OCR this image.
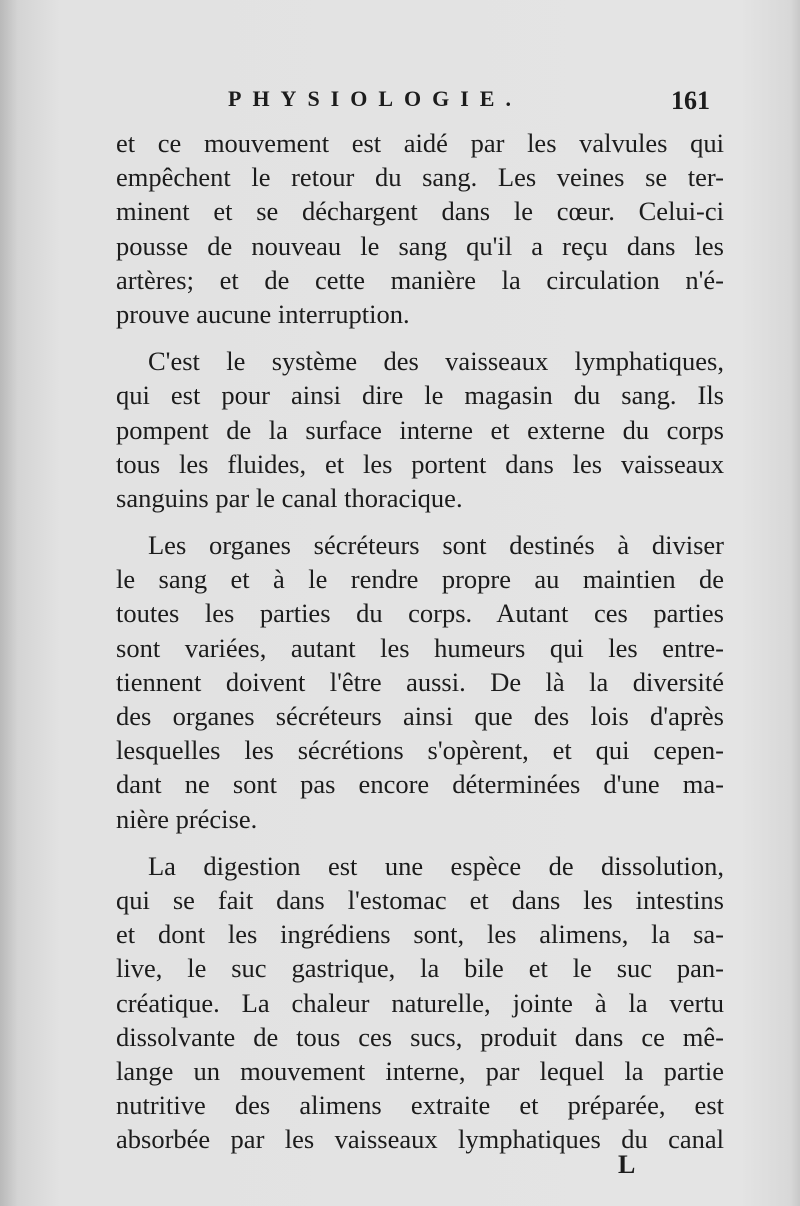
PHYSIOLOGIE.	161
et ce mouvement est aidé par les valvules qui
empêchent le retour du sang. Les veines se ter-
minent et se déchargent dans le cœur. Celui-ci
pousse de nouveau le sang qu'il a reçu dans les
artères; et de cette manière la circulation n'é-
prouve aucune interruption.
C'est le système des vaisseaux lymphatiques,
qui est pour ainsi dire le magasin du sang. Ils
pompent de la surface interne et externe du corps
tous les fluides, et les portent dans les vaisseaux
sanguins par le canal thoracique.
Les organes sécréteurs sont destinés à diviser
le sang et à le rendre propre au maintien de
toutes les parties du corps. Autant ces parties
sont variées, autant les humeurs qui les entre-
tiennent doivent l'être aussi. De là la diversité
des organes sécréteurs ainsi que des lois d'après
lesquelles les sécrétions s'opèrent, et qui cepen-
dant ne sont pas encore déterminées d'une ma-
nière précise.
La digestion est une espèce de dissolution,
qui se fait dans l'estomac et dans les intestins
et dont les ingrédiens sont, les alimens, la sa-
live, le suc gastrique, la bile et le suc pan-
créatique. La chaleur naturelle, jointe à la vertu
dissolvante de tous ces sucs, produit dans ce mê-
lange un mouvement interne, par lequel la partie
nutritive des alimens extraite et préparée, est
absorbée par les vaisseaux lymphatiques du canal
L
